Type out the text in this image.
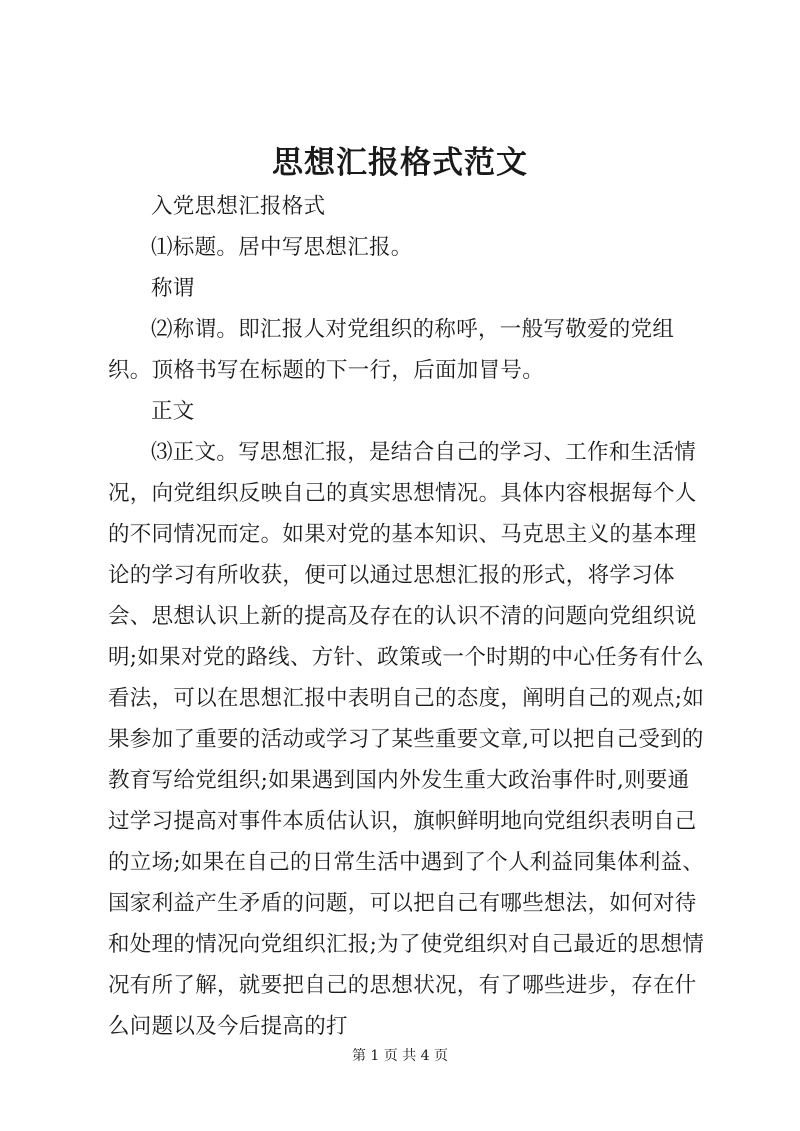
思想汇报格式范文

入党思想汇报格式

⑴标题。居中写思想汇报。

称谓

⑵称谓。即汇报人对党组织的称呼，一般写敬爱的党组织。顶格书写在标题的下一行，后面加冒号。

正文

⑶正文。写思想汇报，是结合自己的学习、工作和生活情况，向党组织反映自己的真实思想情况。具体内容根据每个人的不同情况而定。如果对党的基本知识、马克思主义的基本理论的学习有所收获，便可以通过思想汇报的形式，将学习体会、思想认识上新的提高及存在的认识不清的问题向党组织说明;如果对党的路线、方针、政策或一个时期的中心任务有什么看法，可以在思想汇报中表明自己的态度，阐明自己的观点;如果参加了重要的活动或学习了某些重要文章,可以把自己受到的教育写给党组织;如果遇到国内外发生重大政治事件时,则要通过学习提高对事件本质估认识，旗帜鲜明地向党组织表明自己的立场;如果在自己的日常生活中遇到了个人利益同集体利益、国家利益产生矛盾的问题，可以把自己有哪些想法，如何对待和处理的情况向党组织汇报;为了使党组织对自己最近的思想情况有所了解，就要把自己的思想状况，有了哪些进步，存在什么问题以及今后提高的打

第 1 页 共 4 页
